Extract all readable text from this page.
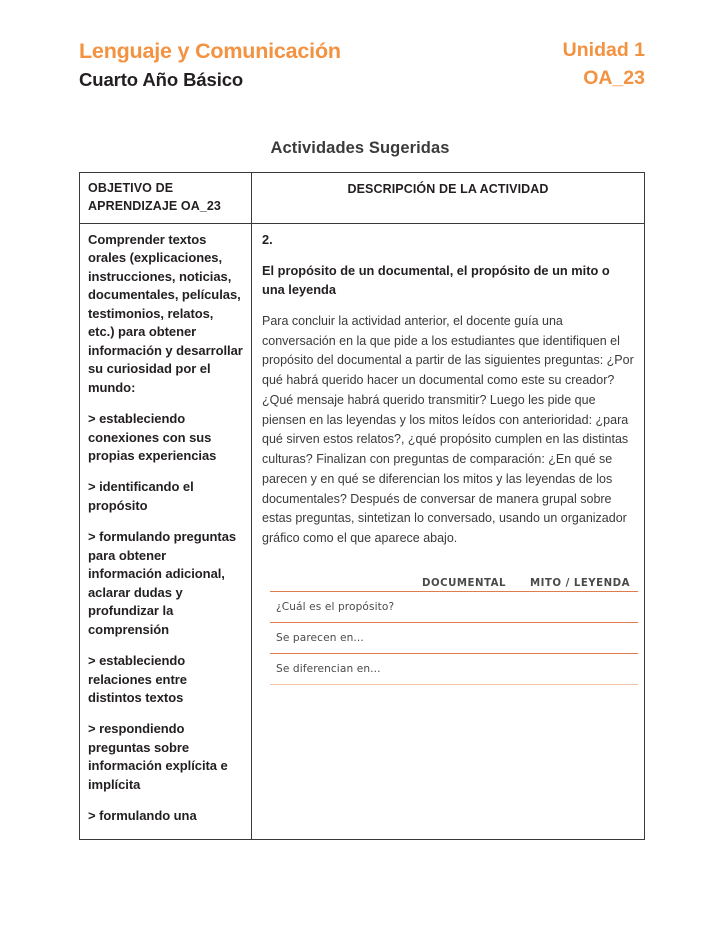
Lenguaje y Comunicación
Cuarto Año Básico
Unidad 1
OA_23
Actividades Sugeridas
OBJETIVO DE APRENDIZAJE OA_23
DESCRIPCIÓN DE LA ACTIVIDAD

Comprender textos orales (explicaciones, instrucciones, noticias, documentales, películas, testimonios, relatos, etc.) para obtener información y desarrollar su curiosidad por el mundo:

> estableciendo conexiones con sus propias experiencias

> identificando el propósito

> formulando preguntas para obtener información adicional, aclarar dudas y profundizar la comprensión

> estableciendo relaciones entre distintos textos

> respondiendo preguntas sobre información explícita e implícita

> formulando una

2.

El propósito de un documental, el propósito de un mito o una leyenda

Para concluir la actividad anterior, el docente guía una conversación en la que pide a los estudiantes que identifiquen el propósito del documental a partir de las siguientes preguntas: ¿Por qué habrá querido hacer un documental como este su creador? ¿Qué mensaje habrá querido transmitir? Luego les pide que piensen en las leyendas y los mitos leídos con anterioridad: ¿para qué sirven estos relatos?, ¿qué propósito cumplen en las distintas culturas? Finalizan con preguntas de comparación: ¿En qué se parecen y en qué se diferencian los mitos y las leyendas de los documentales? Después de conversar de manera grupal sobre estas preguntas, sintetizan lo conversado, usando un organizador gráfico como el que aparece abajo.

DOCUMENTAL	MITO / LEYENDA
¿Cuál es el propósito?
Se parecen en...
Se diferencian en...
